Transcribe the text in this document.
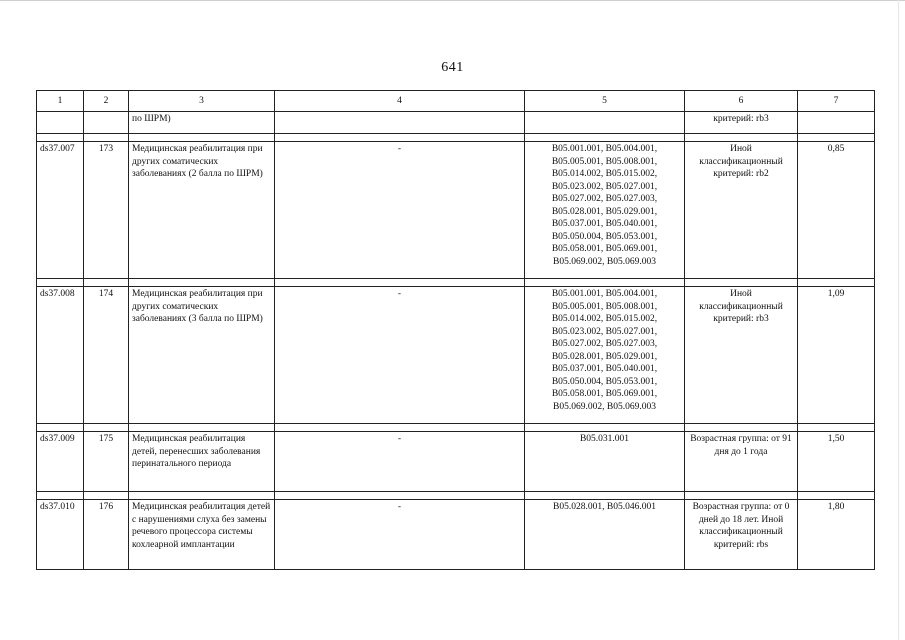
641
1	2	3	4	5	6	7
		по ШРМ)			критерий: rb3	

ds37.007	173	Медицинская реабилитация при других соматических заболеваниях (2 балла по ШРМ)	-	B05.001.001, B05.004.001, B05.005.001, B05.008.001, B05.014.002, B05.015.002, B05.023.002, B05.027.001, B05.027.002, B05.027.003, B05.028.001, B05.029.001, B05.037.001, B05.040.001, B05.050.004, B05.053.001, B05.058.001, B05.069.001, B05.069.002, B05.069.003	Иной классификационный критерий: rb2	0,85

ds37.008	174	Медицинская реабилитация при других соматических заболеваниях (3 балла по ШРМ)	-	B05.001.001, B05.004.001, B05.005.001, B05.008.001, B05.014.002, B05.015.002, B05.023.002, B05.027.001, B05.027.002, B05.027.003, B05.028.001, B05.029.001, B05.037.001, B05.040.001, B05.050.004, B05.053.001, B05.058.001, B05.069.001, B05.069.002, B05.069.003	Иной классификационный критерий: rb3	1,09

ds37.009	175	Медицинская реабилитация детей, перенесших заболевания перинатального периода	-	B05.031.001	Возрастная группа: от 91 дня до 1 года	1,50

ds37.010	176	Медицинская реабилитация детей с нарушениями слуха без замены речевого процессора системы кохлеарной имплантации	-	B05.028.001, B05.046.001	Возрастная группа: от 0 дней до 18 лет. Иной классификационный критерий: rbs	1,80
